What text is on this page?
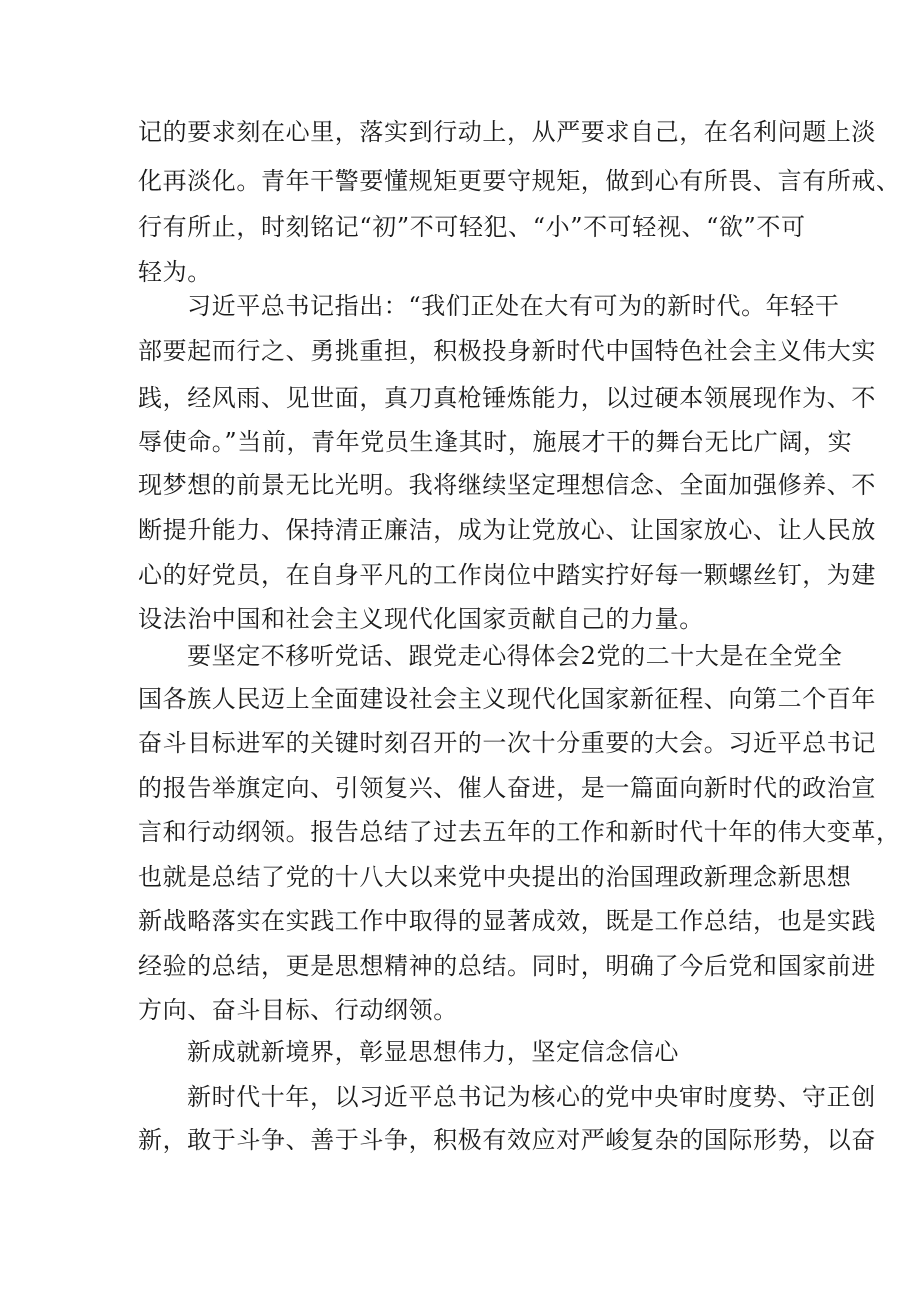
记的要求刻在心里，落实到行动上，从严要求自己，在名利问题上淡
化再淡化。青年干警要懂规矩更要守规矩，做到心有所畏、言有所戒、
行有所止，时刻铭记“初”不可轻犯、“小”不可轻视、“欲”不可
轻为。
习近平总书记指出：“我们正处在大有可为的新时代。年轻干
部要起而行之、勇挑重担，积极投身新时代中国特色社会主义伟大实
践，经风雨、见世面，真刀真枪锤炼能力，以过硬本领展现作为、不
辱使命。”当前，青年党员生逢其时，施展才干的舞台无比广阔，实
现梦想的前景无比光明。我将继续坚定理想信念、全面加强修养、不
断提升能力、保持清正廉洁，成为让党放心、让国家放心、让人民放
心的好党员，在自身平凡的工作岗位中踏实拧好每一颗螺丝钉，为建
设法治中国和社会主义现代化国家贡献自己的力量。
要坚定不移听党话、跟党走心得体会2党的二十大是在全党全
国各族人民迈上全面建设社会主义现代化国家新征程、向第二个百年
奋斗目标进军的关键时刻召开的一次十分重要的大会。习近平总书记
的报告举旗定向、引领复兴、催人奋进，是一篇面向新时代的政治宣
言和行动纲领。报告总结了过去五年的工作和新时代十年的伟大变革，
也就是总结了党的十八大以来党中央提出的治国理政新理念新思想
新战略落实在实践工作中取得的显著成效，既是工作总结，也是实践
经验的总结，更是思想精神的总结。同时，明确了今后党和国家前进
方向、奋斗目标、行动纲领。
新成就新境界，彰显思想伟力，坚定信念信心
新时代十年，以习近平总书记为核心的党中央审时度势、守正创
新，敢于斗争、善于斗争，积极有效应对严峻复杂的国际形势，以奋
